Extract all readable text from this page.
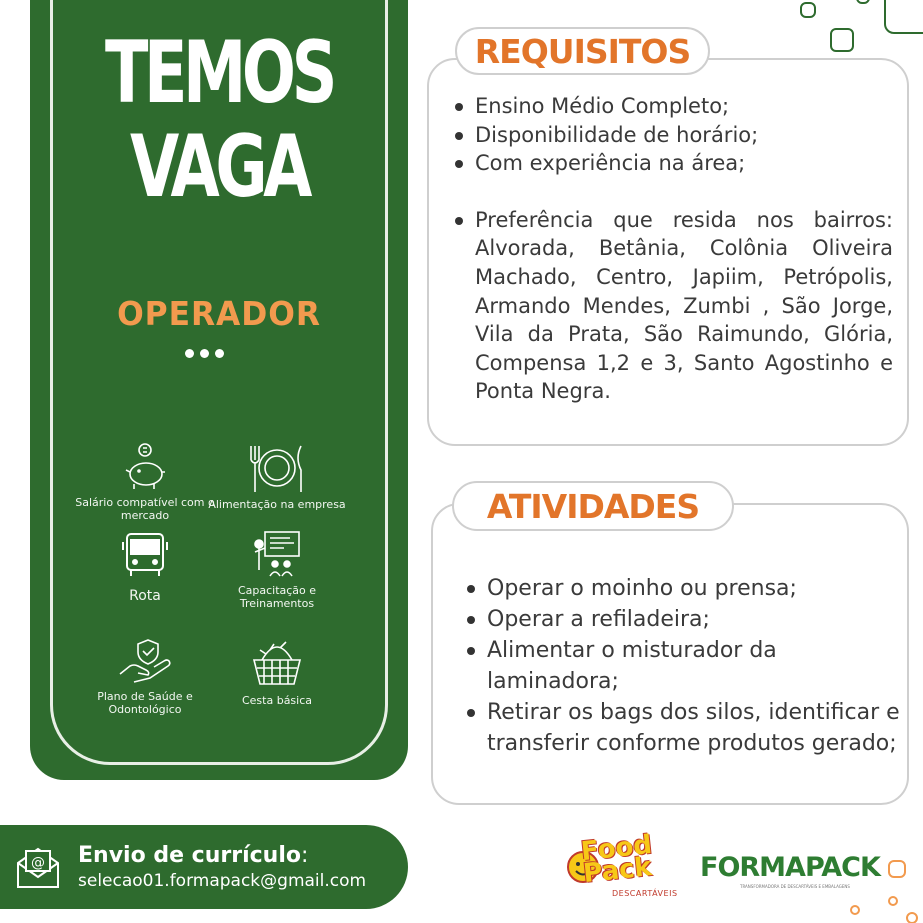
TEMOS
VAGA
OPERADOR
Salário compatível com o mercado
Alimentação na empresa
Rota	Capacitação e Treinamentos
Plano de Saúde e Odontológico
Cesta básica
Ensino Médio Completo;
Disponibilidade de horário;
Com experiência na área;
Preferência que resida nos bairros: Alvorada, Betânia, Colônia Oliveira Machado, Centro, Japiim, Petrópolis, Armando Mendes, Zumbi , São Jorge, Vila da Prata, São Raimundo, Glória, Compensa 1,2 e 3, Santo Agostinho e Ponta Negra.
REQUISITOS
Operar o moinho ou prensa;
Operar a refiladeira;
Alimentar o misturador da laminadora;
Retirar os bags dos silos, identificar e transferir conforme produtos gerado;
ATIVIDADES
@ Envio de currículo:
selecao01.formapack@gmail.com
Food Pack
DESCARTÁVEIS
FORMAPACK
TRANSFORMADORA DE DESCARTÁVEIS E EMBALAGENS
